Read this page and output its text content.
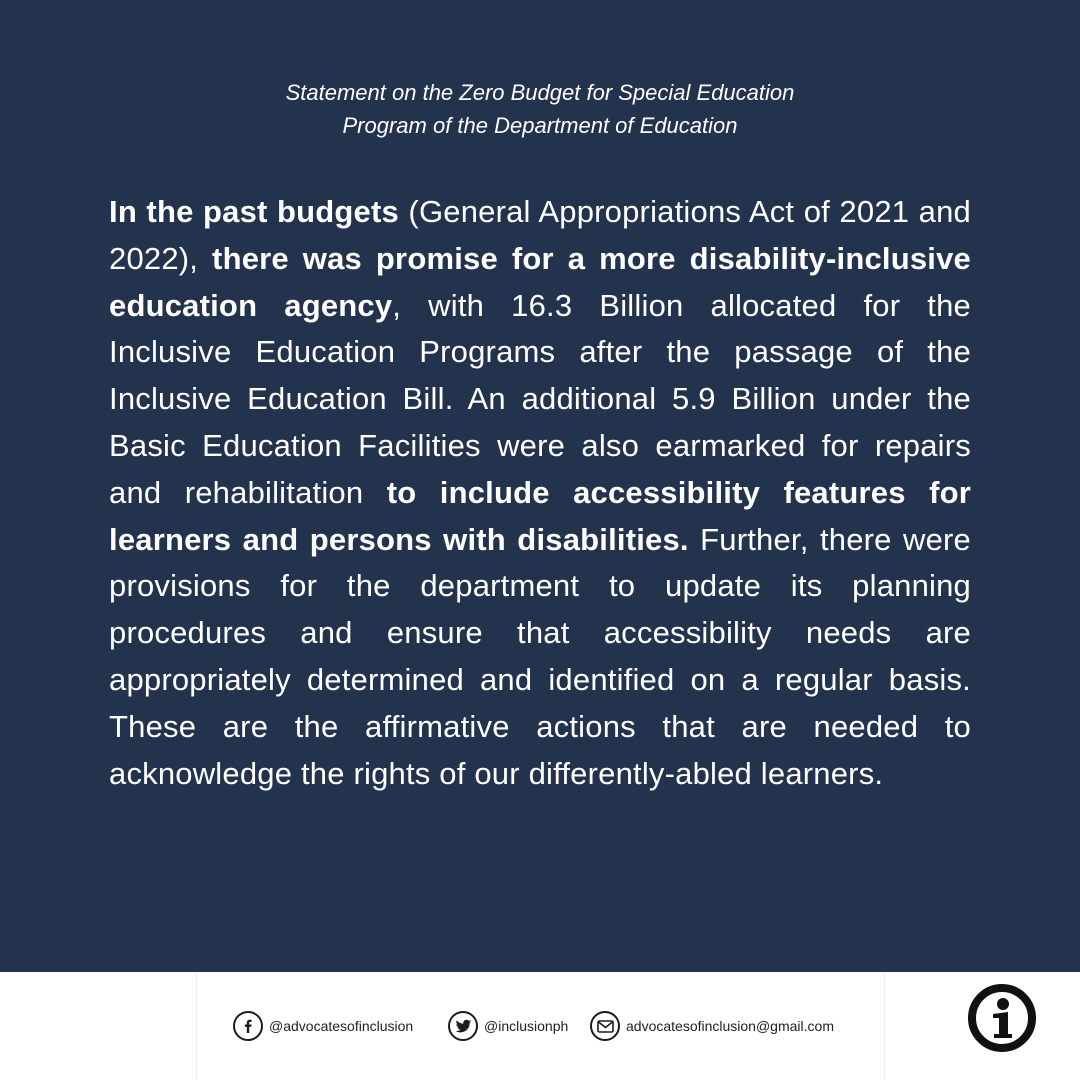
Statement on the Zero Budget for Special Education
Program of the Department of Education
In the past budgets (General Appropriations Act of 2021 and 2022), there was promise for a more disability-inclusive education agency, with 16.3 Billion allocated for the Inclusive Education Programs after the passage of the Inclusive Education Bill. An additional 5.9 Billion under the Basic Education Facilities were also earmarked for repairs and rehabilitation to include accessibility features for learners and persons with disabilities. Further, there were provisions for the department to update its planning procedures and ensure that accessibility needs are appropriately determined and identified on a regular basis. These are the affirmative actions that are needed to acknowledge the rights of our differently-abled learners.
@advocatesofinclusion	@inclusionph	advocatesofinclusion@gmail.com
